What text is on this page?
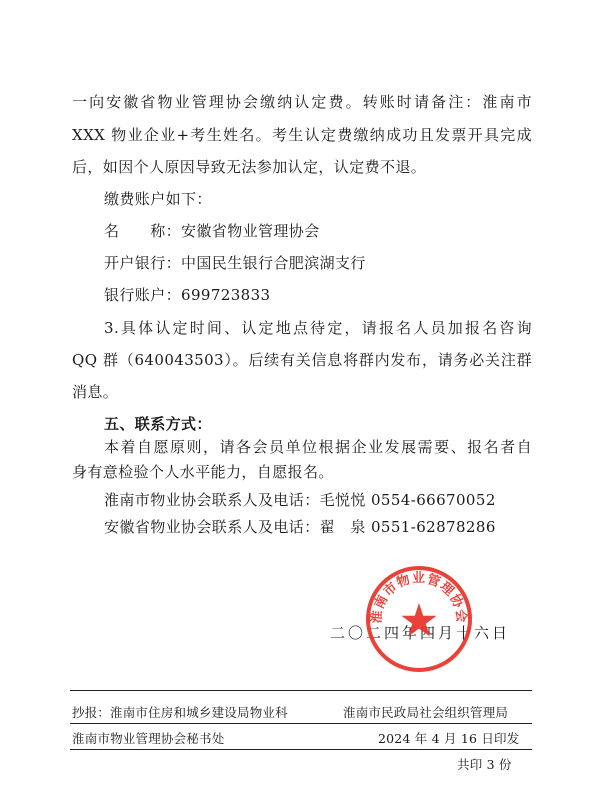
一向安徽省物业管理协会缴纳认定费。转账时请备注：淮南市
XXX 物业企业+考生姓名。考生认定费缴纳成功且发票开具完成
后，如因个人原因导致无法参加认定，认定费不退。
缴费账户如下：
名　　称：安徽省物业管理协会
开户银行：中国民生银行合肥滨湖支行
银行账户：699723833
3.具体认定时间、认定地点待定，请报名人员加报名咨询
QQ 群（640043503）。后续有关信息将群内发布，请务必关注群
消息。
五、联系方式：
本着自愿原则，请各会员单位根据企业发展需要、报名者自
身有意检验个人水平能力，自愿报名。
淮南市物业协会联系人及电话：毛悦悦 0554-66670052
安徽省物业协会联系人及电话：翟　泉 0551-62878286
二〇二四年四月十六日
淮南市物业管理协会
抄报： 淮南市住房和城乡建设局物业科	淮南市民政局社会组织管理局
淮南市物业管理协会秘书处	2024 年 4 月 16 日印发
共印 3 份
